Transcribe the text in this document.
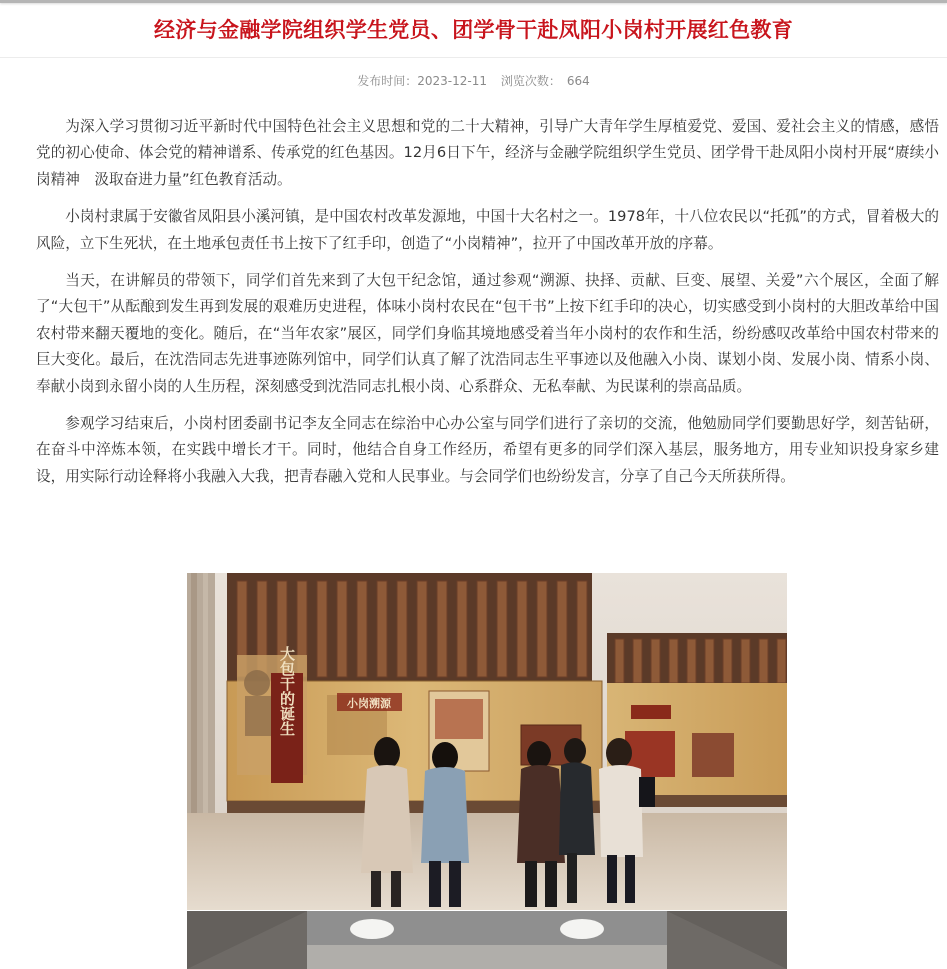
经济与金融学院组织学生党员、团学骨干赴凤阳小岗村开展红色教育
发布时间：2023-12-11 浏览次数： 664

为深入学习贯彻习近平新时代中国特色社会主义思想和党的二十大精神，引导广大青年学生厚植爱党、爱国、爱社会主义的情感，感悟党的初心使命、体会党的精神谱系、传承党的红色基因。12月6日下午，经济与金融学院组织学生党员、团学骨干赴凤阳小岗村开展“赓续小岗精神　汲取奋进力量”红色教育活动。

小岗村隶属于安徽省凤阳县小溪河镇，是中国农村改革发源地，中国十大名村之一。1978年，十八位农民以“托孤”的方式，冒着极大的风险，立下生死状，在土地承包责任书上按下了红手印，创造了“小岗精神”，拉开了中国改革开放的序幕。

当天，在讲解员的带领下，同学们首先来到了大包干纪念馆，通过参观“溯源、抉择、贡献、巨变、展望、关爱”六个展区，全面了解了“大包干”从酝酿到发生再到发展的艰难历史进程，体味小岗村农民在“包干书”上按下红手印的决心，切实感受到小岗村的大胆改革给中国农村带来翻天覆地的变化。随后，在“当年农家”展区，同学们身临其境地感受着当年小岗村的农作和生活，纷纷感叹改革给中国农村带来的巨大变化。最后，在沈浩同志先进事迹陈列馆中，同学们认真了解了沈浩同志生平事迹以及他融入小岗、谋划小岗、发展小岗、情系小岗、奉献小岗到永留小岗的人生历程，深刻感受到沈浩同志扎根小岗、心系群众、无私奉献、为民谋利的崇高品质。

参观学习结束后，小岗村团委副书记李友全同志在综治中心办公室与同学们进行了亲切的交流，他勉励同学们要勤思好学，刻苦钻研，在奋斗中淬炼本领，在实践中增长才干。同时，他结合自身工作经历，希望有更多的同学们深入基层，服务地方，用专业知识投身家乡建设，用实际行动诠释将小我融入大我，把青春融入党和人民事业。与会同学们也纷纷发言，分享了自己今天所获所得。

大包干的诞生	小岗溯源
